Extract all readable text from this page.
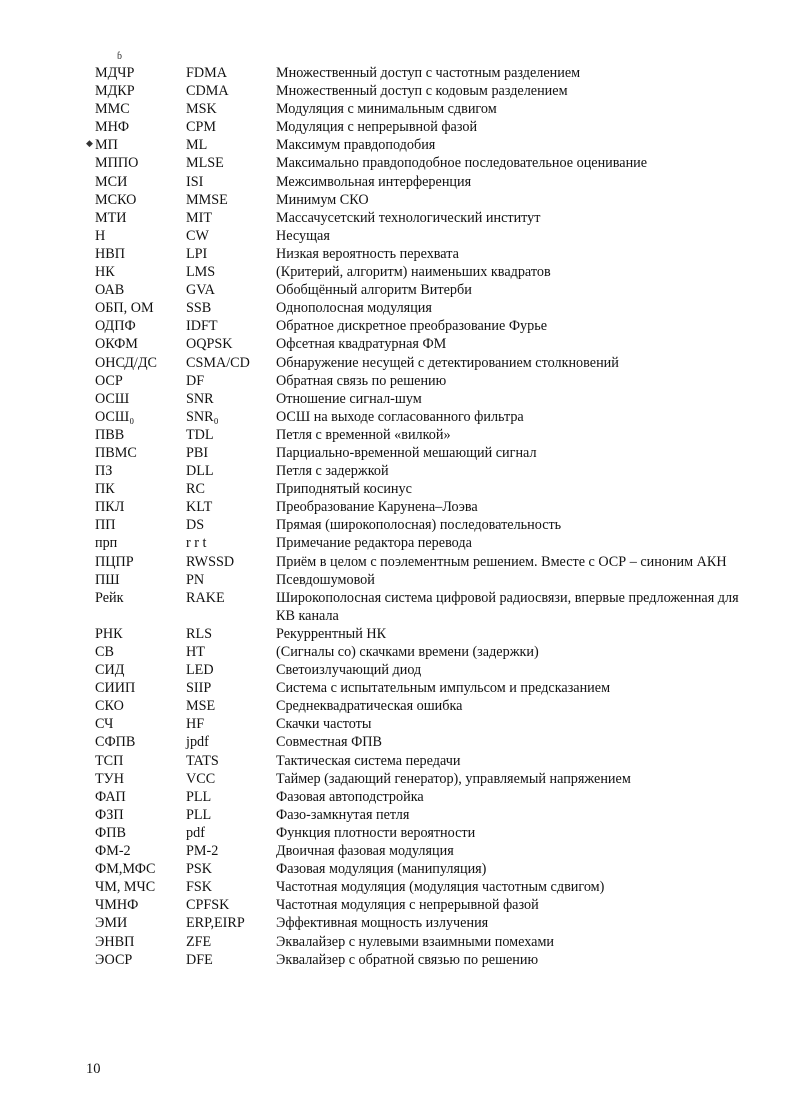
ɓ
◆
МДЧР	FDMA	Множественный доступ с частотным разделением
МДКР	CDMA	Множественный доступ с кодовым разделением
ММС	MSK	Модуляция с минимальным сдвигом
МНФ	CPM	Модуляция с непрерывной фазой
МП	ML	Максимум правдоподобия
МППО	MLSE	Максимально правдоподобное последовательное оценивание
МСИ	ISI	Межсимвольная интерференция
МСКО	MMSE	Минимум СКО
МТИ	MIT	Массачусетский технологический институт
Н	CW	Несущая
НВП	LPI	Низкая вероятность перехвата
НК	LMS	(Критерий, алгоритм) наименьших квадратов
ОАВ	GVA	Обобщённый алгоритм Витерби
ОБП, ОМ	SSB	Однополосная модуляция
ОДПФ	IDFT	Обратное дискретное преобразование Фурье
ОКФМ	OQPSK	Офсетная квадратурная ФМ
ОНСД/ДС	CSMA/CD	Обнаружение несущей с детектированием столкновений
ОСР	DF	Обратная связь по решению
ОСШ	SNR	Отношение сигнал-шум
ОСШ₀	SNR₀	ОСШ на выходе согласованного фильтра
ПВВ	TDL	Петля с временной «вилкой»
ПВМС	PBI	Парциально-временной мешающий сигнал
ПЗ	DLL	Петля с задержкой
ПК	RC	Приподнятый косинус
ПКЛ	KLT	Преобразование Карунена–Лоэва
ПП	DS	Прямая (широкополосная) последовательность
прп	r r t	Примечание редактора перевода
ПЦПР	RWSSD	Приём в целом с поэлементным решением. Вместе с ОСР – синоним АКН
ПШ	PN	Псевдошумовой
Рейк	RAKE	Широкополосная система цифровой радиосвязи, впервые предложенная для КВ канала
РНК	RLS	Рекуррентный НК
СВ	HT	(Сигналы со) скачками времени (задержки)
СИД	LED	Светоизлучающий диод
СИИП	SIIP	Система с испытательным импульсом и предсказанием
СКО	MSE	Среднеквадратическая ошибка
СЧ	HF	Скачки частоты
СФПВ	jpdf	Совместная ФПВ
ТСП	TATS	Тактическая система передачи
ТУН	VCC	Таймер (задающий генератор), управляемый напряжением
ФАП	PLL	Фазовая автоподстройка
ФЗП	PLL	Фазо-замкнутая петля
ФПВ	pdf	Функция плотности вероятности
ФМ-2	PM-2	Двоичная фазовая модуляция
ФМ,МФС	PSK	Фазовая модуляция (манипуляция)
ЧМ, МЧС	FSK	Частотная модуляция (модуляция частотным сдвигом)
ЧМНФ	CPFSK	Частотная модуляция с непрерывной фазой
ЭМИ	ERP,EIRP	Эффективная мощность излучения
ЭНВП	ZFE	Эквалайзер с нулевыми взаимными помехами
ЭОСР	DFE	Эквалайзер с обратной связью по решению
10
